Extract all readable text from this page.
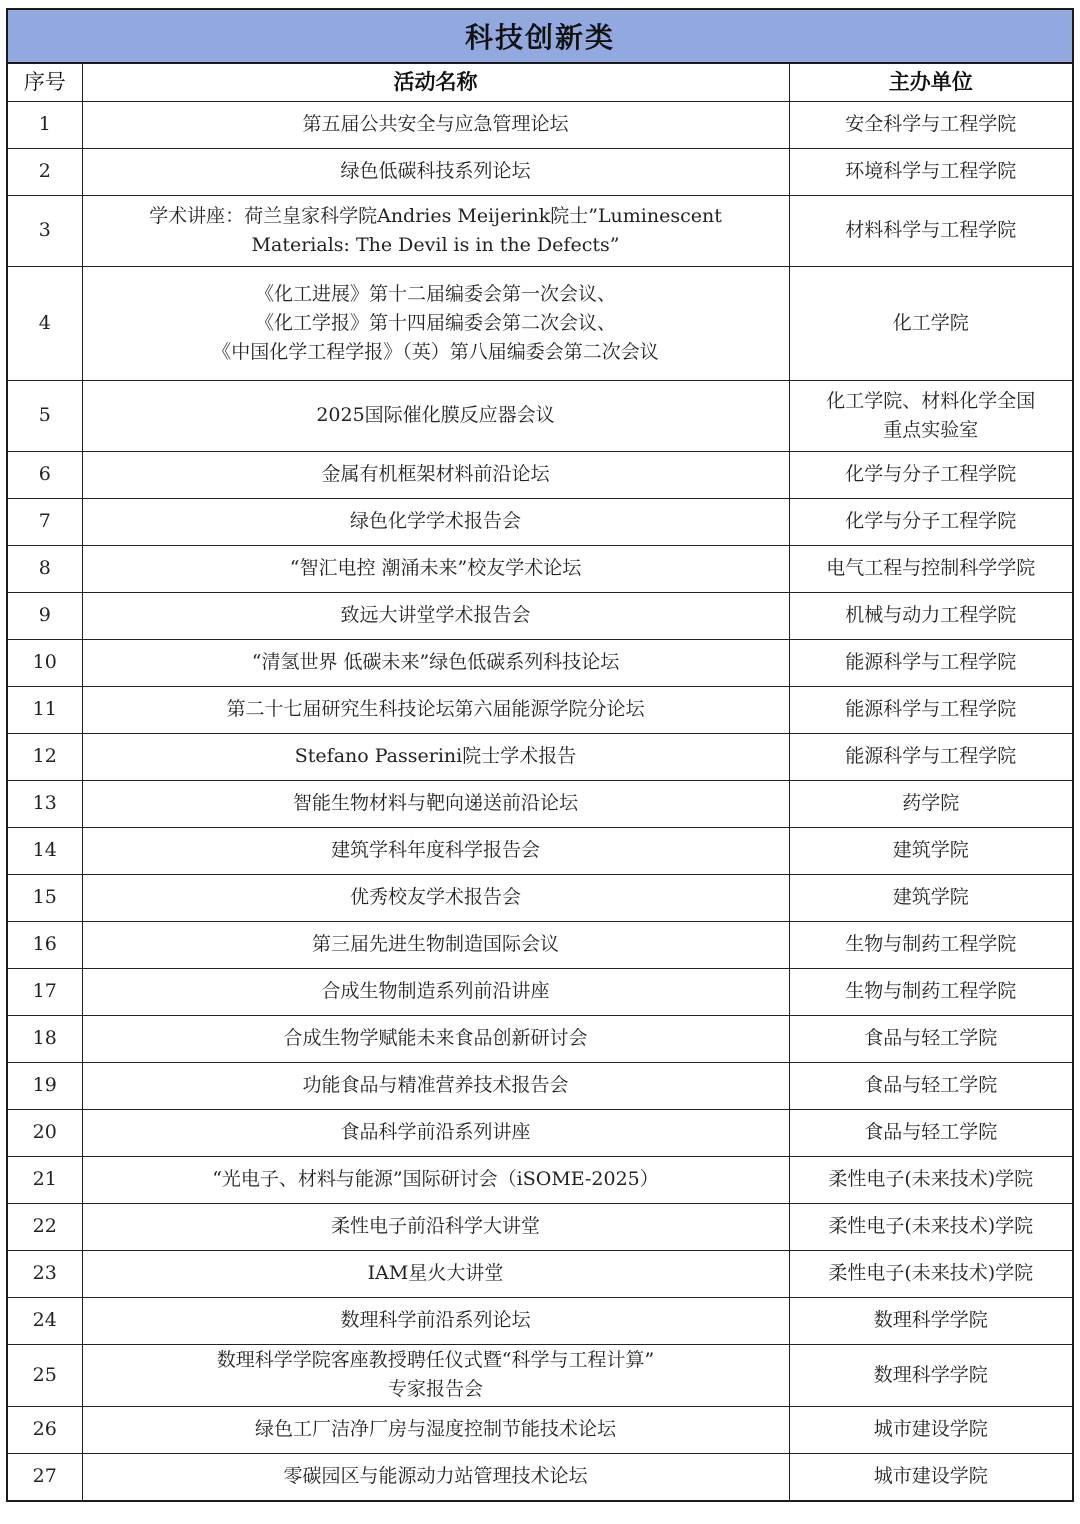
科技创新类
序号	活动名称	主办单位
1	第五届公共安全与应急管理论坛	安全科学与工程学院

2	绿色低碳科技系列论坛	环境科学与工程学院

3	学术讲座：荷兰皇家科学院Andries Meijerink院士”Luminescent
Materials: The Devil is in the Defects”	材料科学与工程学院

4	《化工进展》第十二届编委会第一次会议、
《化工学报》第十四届编委会第二次会议、
《中国化学工程学报》（英）第八届编委会第二次会议	化工学院

5	2025国际催化膜反应器会议	化工学院、材料化学全国
重点实验室

6	金属有机框架材料前沿论坛	化学与分子工程学院

7	绿色化学学术报告会	化学与分子工程学院

8	“智汇电控 潮涌未来”校友学术论坛	电气工程与控制科学学院

9	致远大讲堂学术报告会	机械与动力工程学院

10	“清氢世界 低碳未来”绿色低碳系列科技论坛	能源科学与工程学院

11	第二十七届研究生科技论坛第六届能源学院分论坛	能源科学与工程学院

12	Stefano Passerini院士学术报告	能源科学与工程学院

13	智能生物材料与靶向递送前沿论坛	药学院

14	建筑学科年度科学报告会	建筑学院

15	优秀校友学术报告会	建筑学院

16	第三届先进生物制造国际会议	生物与制药工程学院

17	合成生物制造系列前沿讲座	生物与制药工程学院

18	合成生物学赋能未来食品创新研讨会	食品与轻工学院

19	功能食品与精准营养技术报告会	食品与轻工学院

20	食品科学前沿系列讲座	食品与轻工学院

21	“光电子、材料与能源”国际研讨会（iSOME-2025）	柔性电子(未来技术)学院

22	柔性电子前沿科学大讲堂	柔性电子(未来技术)学院

23	IAM星火大讲堂	柔性电子(未来技术)学院

24	数理科学前沿系列论坛	数理科学学院

25	数理科学学院客座教授聘任仪式暨“科学与工程计算”
专家报告会	数理科学学院

26	绿色工厂洁净厂房与湿度控制节能技术论坛	城市建设学院

27	零碳园区与能源动力站管理技术论坛	城市建设学院
